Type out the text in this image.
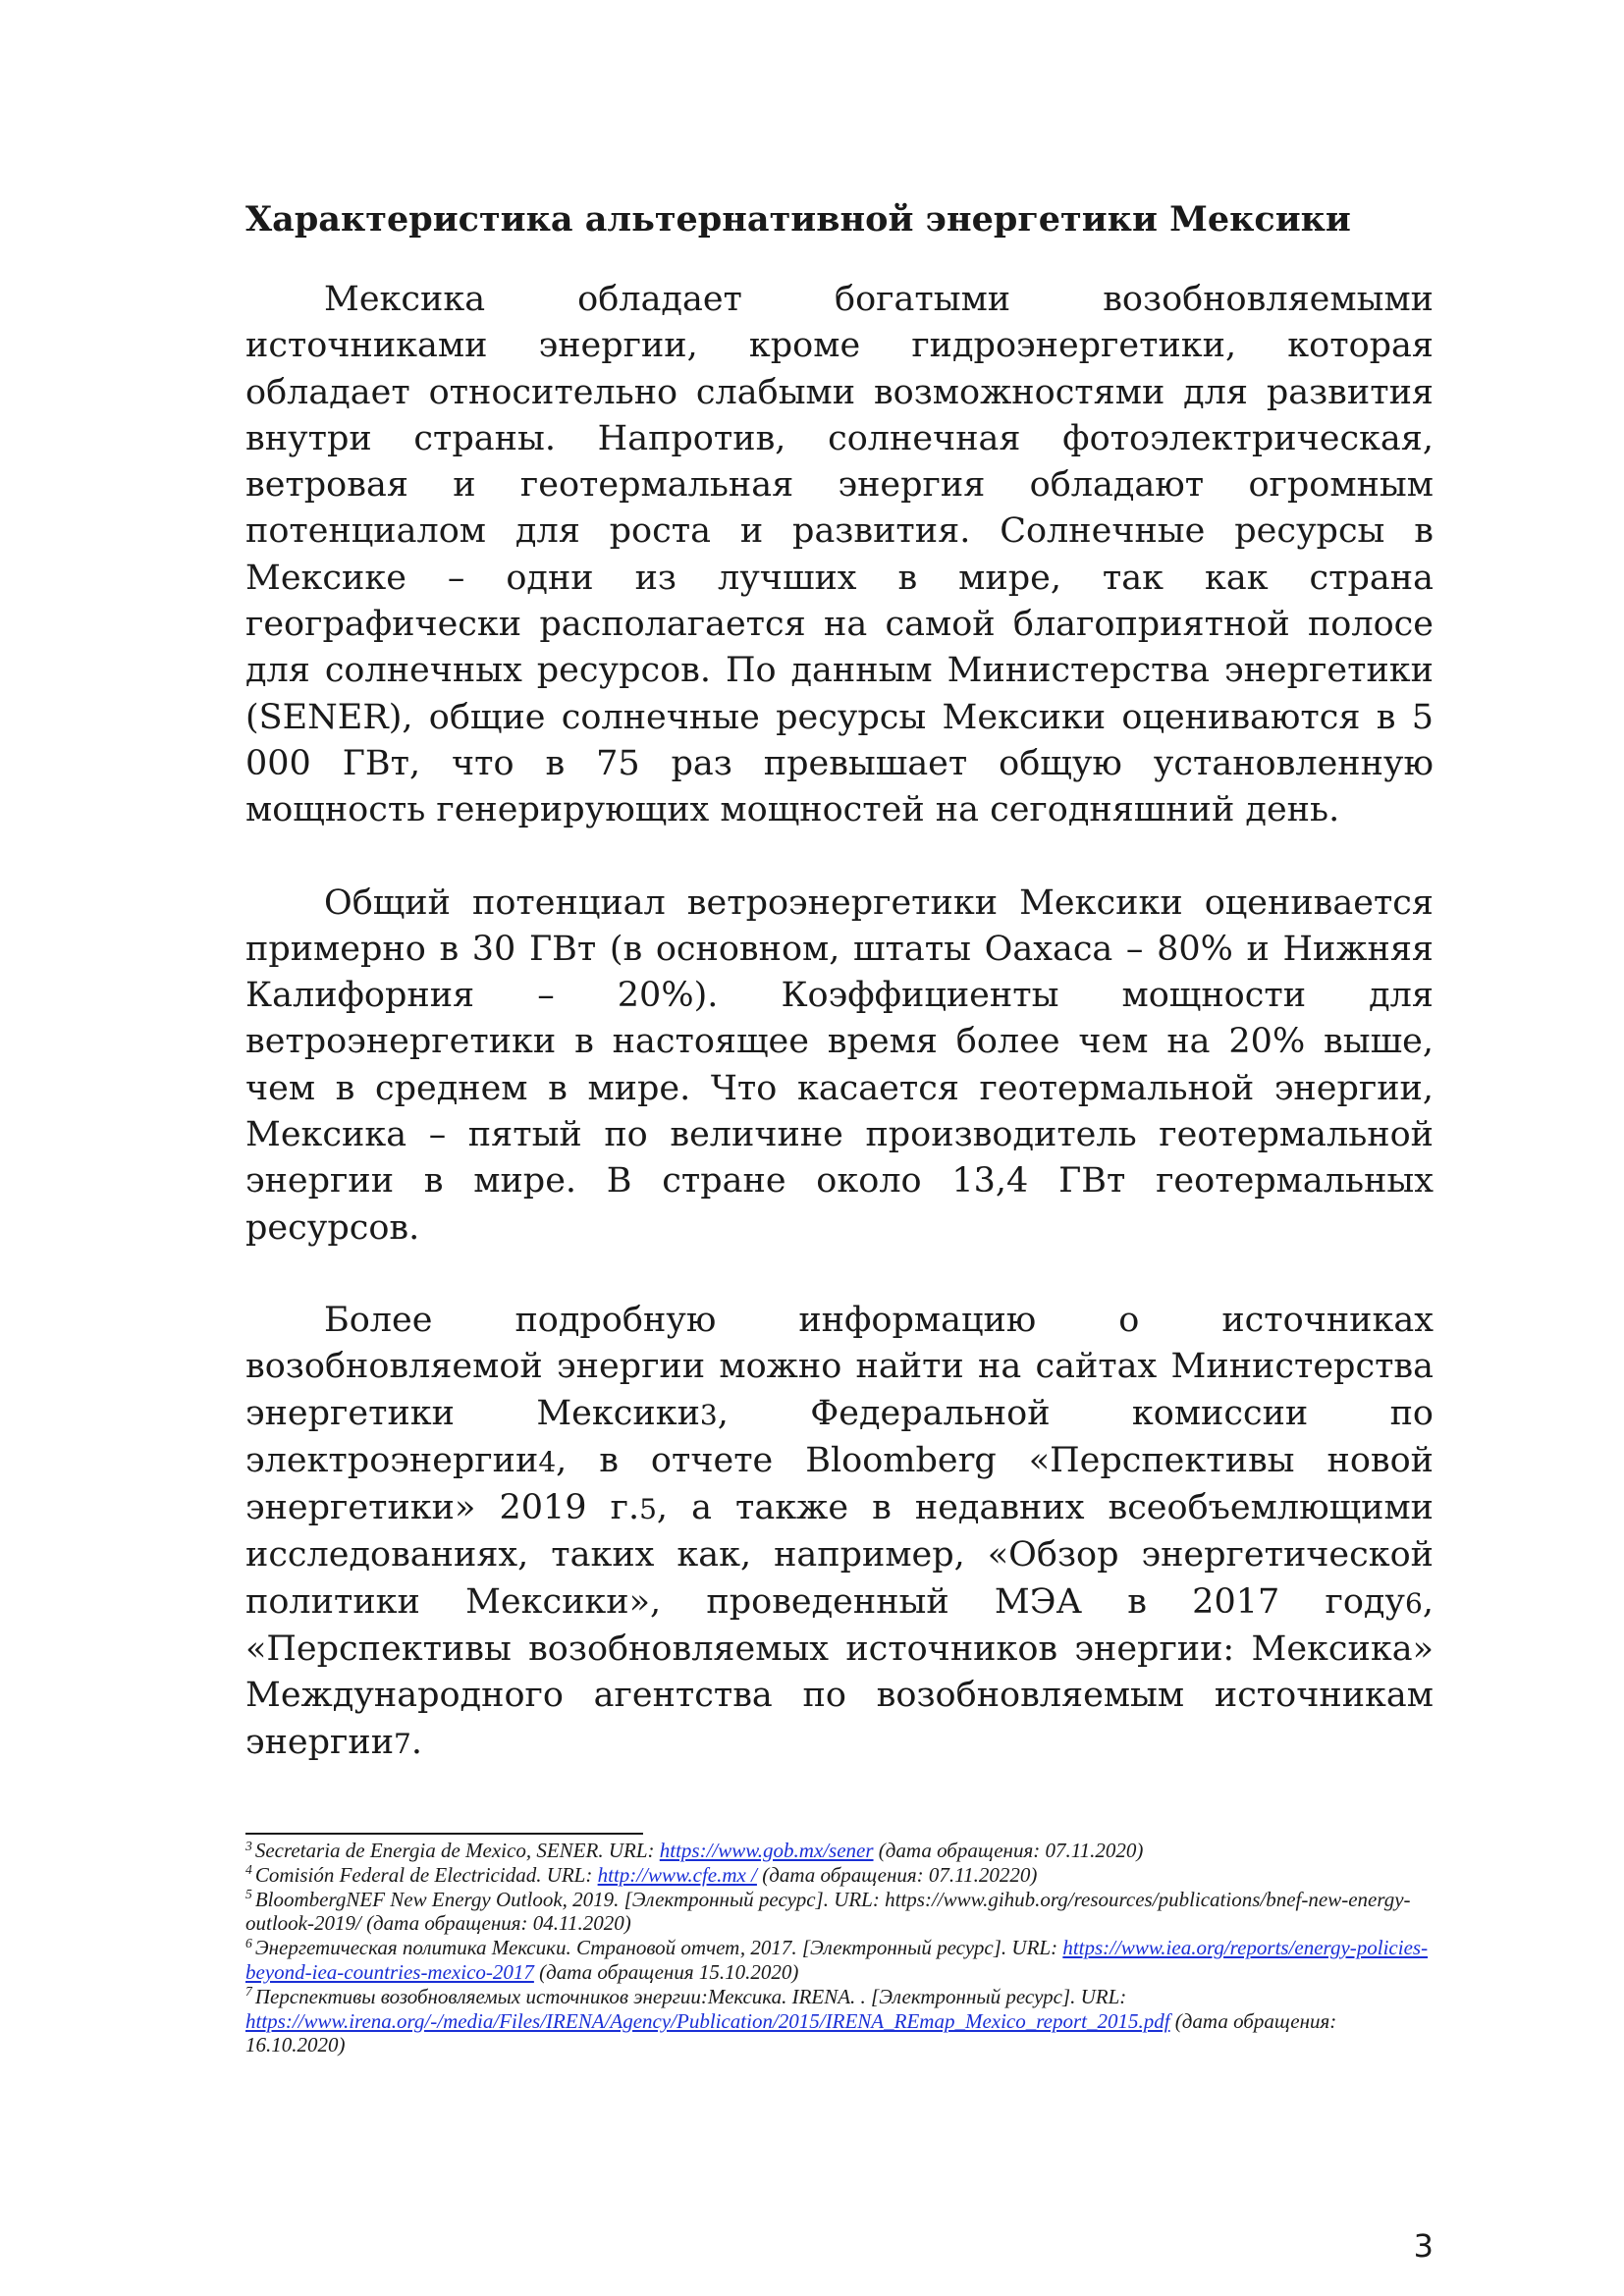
Характеристика альтернативной энергетики Мексики

Мексика обладает богатыми возобновляемыми источниками энергии, кроме гидроэнергетики, которая обладает относительно слабыми возможностями для развития внутри страны. Напротив, солнечная фотоэлектрическая, ветровая и геотермальная энергия обладают огромным потенциалом для роста и развития. Солнечные ресурсы в Мексике – одни из лучших в мире, так как страна географически располагается на самой благоприятной полосе для солнечных ресурсов. По данным Министерства энергетики (SENER), общие солнечные ресурсы Мексики оцениваются в 5 000 ГВт, что в 75 раз превышает общую установленную мощность генерирующих мощностей на сегодняшний день.

Общий потенциал ветроэнергетики Мексики оценивается примерно в 30 ГВт (в основном, штаты Оахаса – 80% и Нижняя Калифорния – 20%). Коэффициенты мощности для ветроэнергетики в настоящее время более чем на 20% выше, чем в среднем в мире. Что касается геотермальной энергии, Мексика – пятый по величине производитель геотермальной энергии в мире. В стране около 13,4 ГВт геотермальных ресурсов.

Более подробную информацию о источниках возобновляемой энергии можно найти на сайтах Министерства энергетики Мексики3, Федеральной комиссии по электроэнергии4, в отчете Bloomberg «Перспективы новой энергетики» 2019 г.5, а также в недавних всеобъемлющими исследованиях, таких как, например, «Обзор энергетической политики Мексики», проведенный МЭА в 2017 году6, «Перспективы возобновляемых источников энергии: Мексика» Международного агентства по возобновляемым источникам энергии7.

$^3$ Secretaria de Energia de Mexico, SENER. URL: https://www.gob.mx/sener (дата обращения: 07.11.2020)
$^4$ Comisión Federal de Electricidad. URL: http://www.cfe.mx / (дата обращения: 07.11.20220)
$^5$ BloombergNEF New Energy Outlook, 2019. [Электронный ресурс]. URL: https://www.gihub.org/resources/publications/bnef-new-energy-outlook-2019/ (дата обращения: 04.11.2020)
$^6$ Энергетическая политика Мексики. Страновой отчет, 2017. [Электронный ресурс]. URL: https://www.iea.org/reports/energy-policies-beyond-iea-countries-mexico-2017 (дата обращения 15.10.2020)
$^7$ Перспективы возобновляемых источников энергии:Мексика. IRENA. . [Электронный ресурс]. URL: https://www.irena.org/-/media/Files/IRENA/Agency/Publication/2015/IRENA_REmap_Mexico_report_2015.pdf (дата обращения: 16.10.2020)
3
